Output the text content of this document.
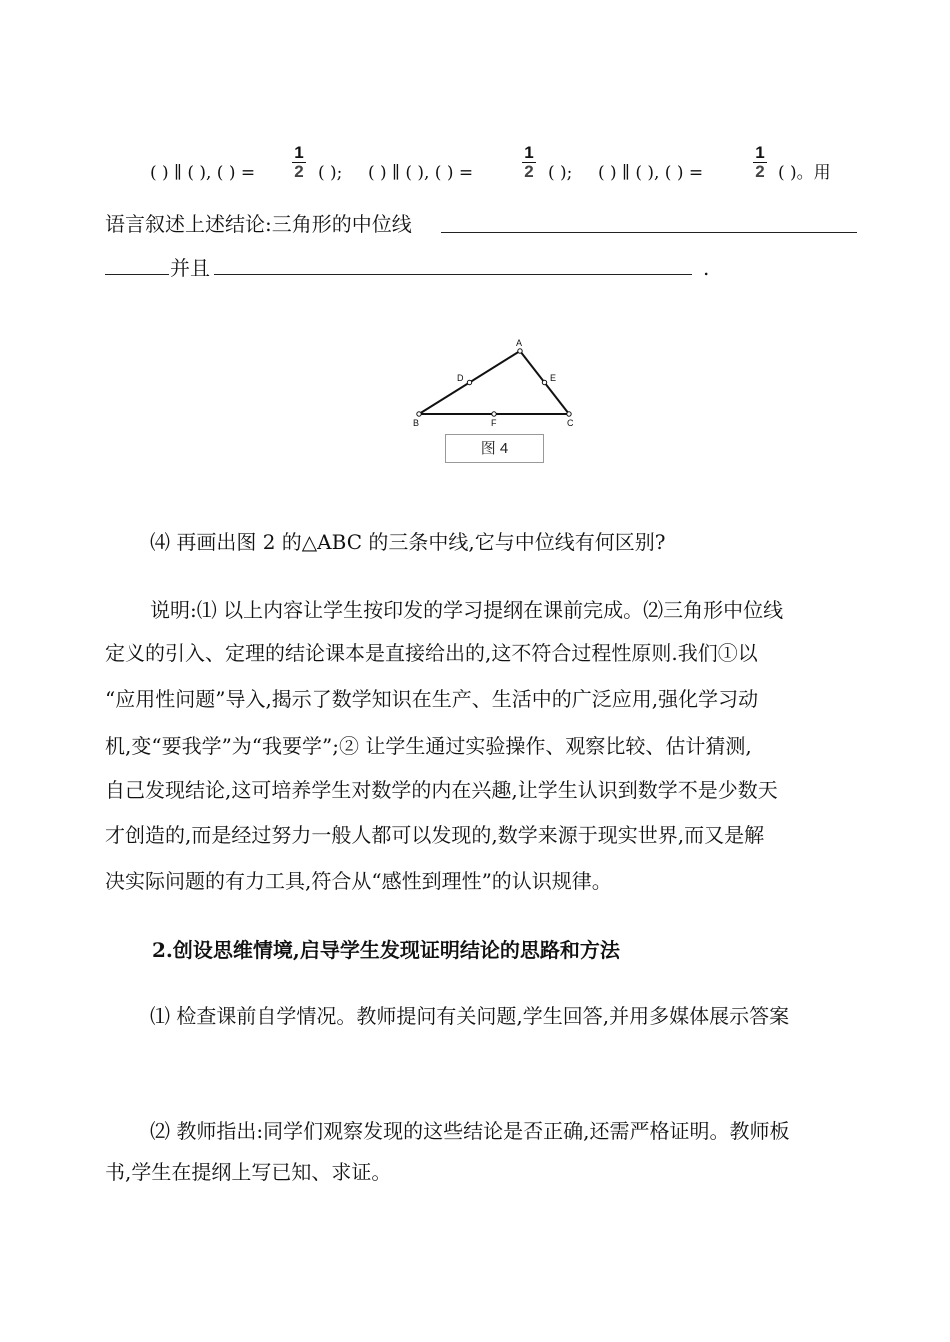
( ) ∥ ( ), ( ) =
1
2 ( ); ( ) ∥ ( ), ( ) =
1
2 ( ); ( ) ∥ ( ), ( ) =
1
2 ( )。用
语言叙述上述结论:三角形的中位线
并且	.
A
B	C
D	E
F
图 4
⑷ 再画出图 2 的△ABC 的三条中线,它与中位线有何区别?
说明:⑴ 以上内容让学生按印发的学习提纲在课前完成。⑵三角形中位线
定义的引入、定理的结论课本是直接给出的,这不符合过程性原则.我们①以
“应用性问题”导入,揭示了数学知识在生产、生活中的广泛应用,强化学习动
机,变“要我学”为“我要学”;② 让学生通过实验操作、观察比较、估计猜测,
自己发现结论,这可培养学生对数学的内在兴趣,让学生认识到数学不是少数天
才创造的,而是经过努力一般人都可以发现的,数学来源于现实世界,而又是解
决实际问题的有力工具,符合从“感性到理性”的认识规律。
2.创设思维情境,启导学生发现证明结论的思路和方法
⑴ 检查课前自学情况。教师提问有关问题,学生回答,并用多媒体展示答案
⑵ 教师指出:同学们观察发现的这些结论是否正确,还需严格证明。教师板
书,学生在提纲上写已知、求证。
